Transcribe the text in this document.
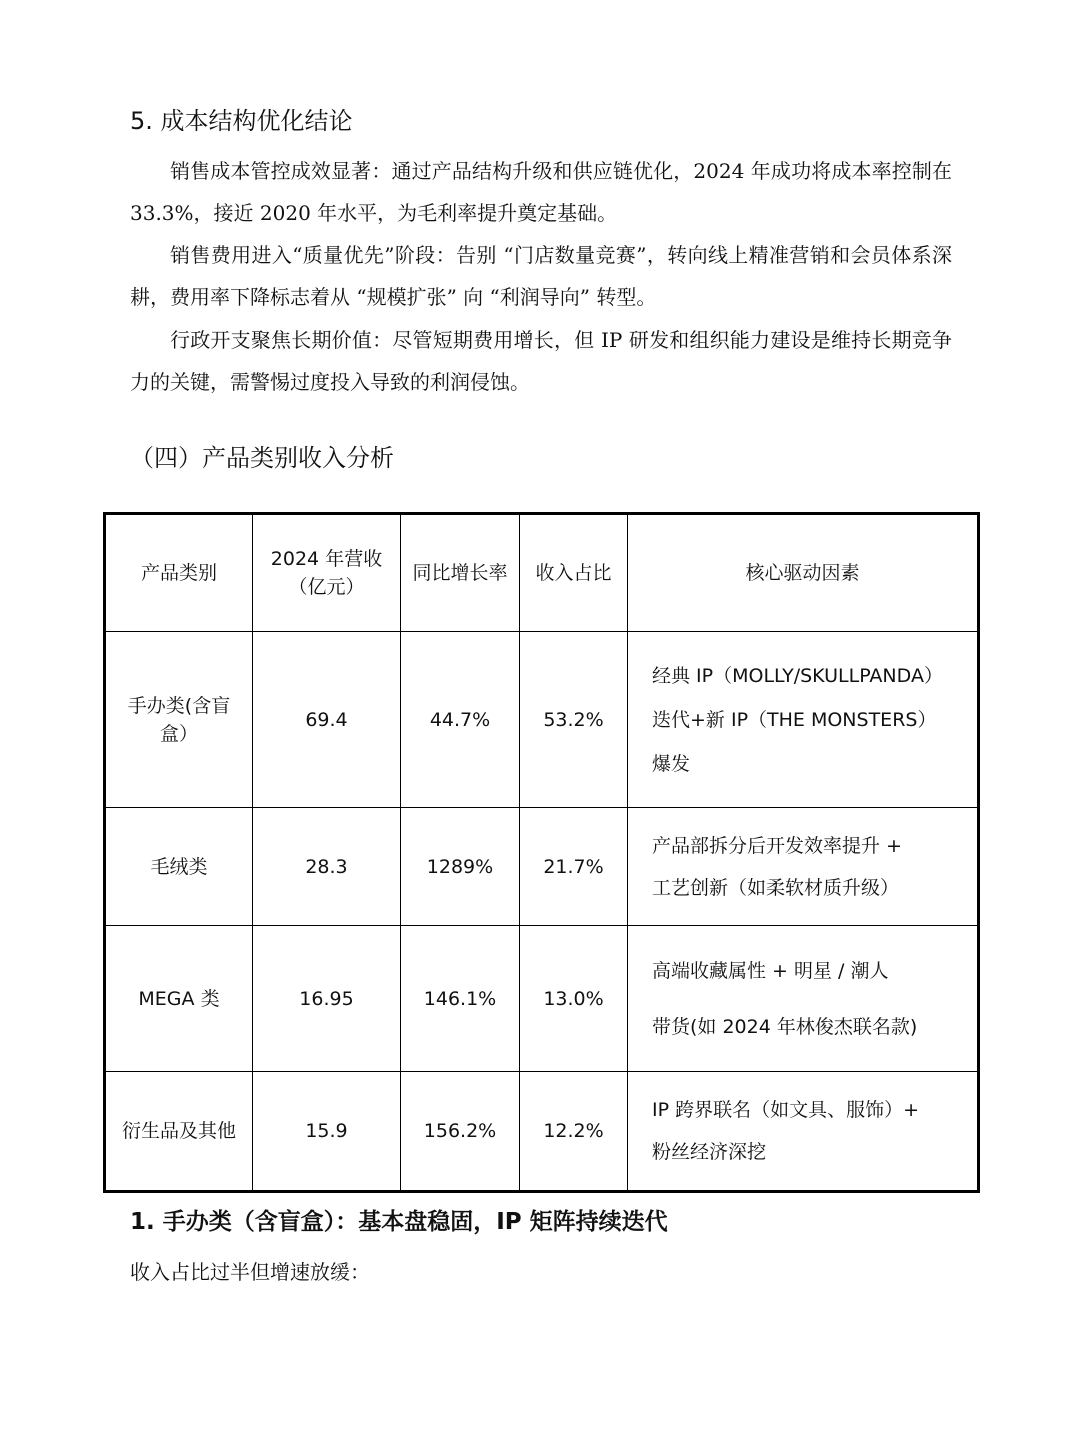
5. 成本结构优化结论

销售成本管控成效显著：通过产品结构升级和供应链优化，2024 年成功将成本率控制在 33.3%，接近 2020 年水平，为毛利率提升奠定基础。

销售费用进入“质量优先”阶段：告别 “门店数量竞赛”，转向线上精准营销和会员体系深耕，费用率下降标志着从 “规模扩张” 向 “利润导向” 转型。

行政开支聚焦长期价值：尽管短期费用增长，但 IP 研发和组织能力建设是维持长期竞争力的关键，需警惕过度投入导致的利润侵蚀。

（四）产品类别收入分析
产品类别	2024 年营收（亿元）	同比增长率	收入占比	核心驱动因素
手办类(含盲盒）	69.4	44.7%	53.2%	经典 IP（MOLLY/SKULLPANDA）
迭代+新 IP（THE MONSTERS）
爆发

毛绒类	28.3	1289%	21.7%	产品部拆分后开发效率提升 +
工艺创新（如柔软材质升级）

MEGA 类	16.95	146.1%	13.0%	高端收藏属性 + 明星 / 潮人
带货(如 2024 年林俊杰联名款)

衍生品及其他	15.9	156.2%	12.2%	IP 跨界联名（如文具、服饰）+
粉丝经济深挖
1. 手办类（含盲盒）：基本盘稳固，IP 矩阵持续迭代

收入占比过半但增速放缓：
